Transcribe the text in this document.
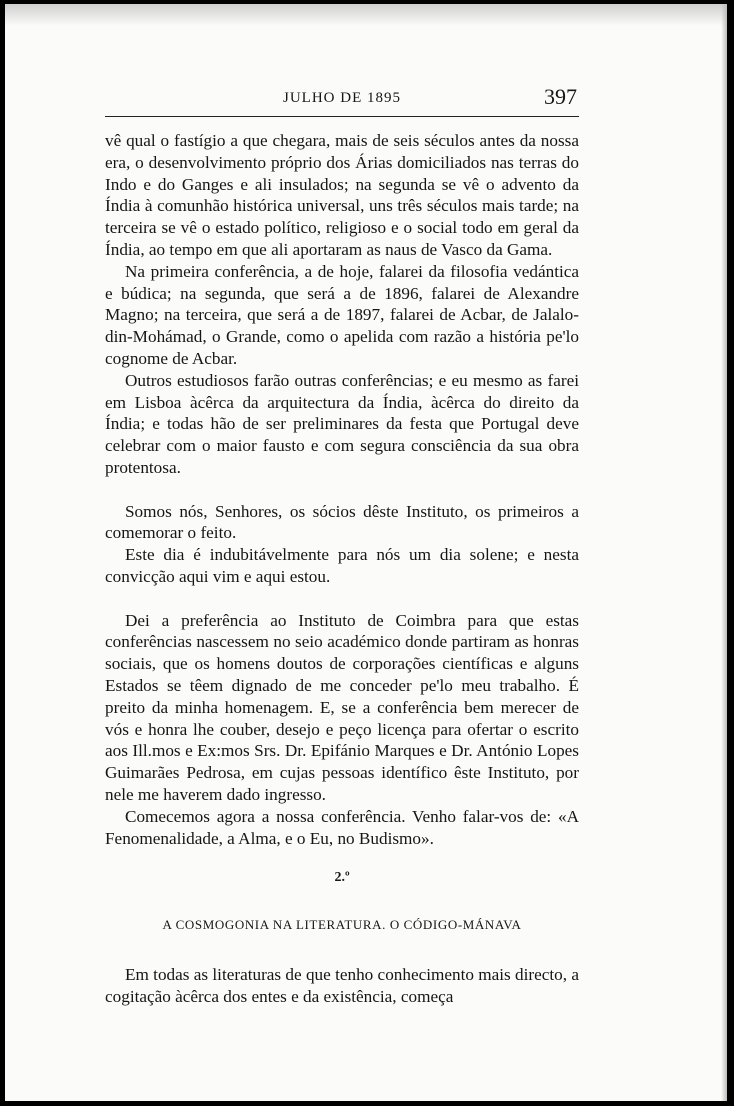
JULHO DE 1895	397

vê qual o fastígio a que chegara, mais de seis séculos antes da nossa era, o desenvolvimento próprio dos Árias domiciliados nas terras do Indo e do Ganges e ali insulados; na segunda se vê o advento da Índia à comunhão histórica universal, uns três séculos mais tarde; na terceira se vê o estado político, religioso e o social todo em geral da Índia, ao tempo em que ali aportaram as naus de Vasco da Gama.

Na primeira conferência, a de hoje, falarei da filosofia vedántica e búdica; na segunda, que será a de 1896, falarei de Alexandre Magno; na terceira, que será a de 1897, falarei de Acbar, de Jalalo-din-Mohámad, o Grande, como o apelida com razão a história pe'lo cognome de Acbar.

Outros estudiosos farão outras conferências; e eu mesmo as farei em Lisboa àcêrca da arquitectura da Índia, àcêrca do direito da Índia; e todas hão de ser preliminares da festa que Portugal deve celebrar com o maior fausto e com segura consciência da sua obra protentosa.

Somos nós, Senhores, os sócios dêste Instituto, os primeiros a comemorar o feito.

Este dia é indubitávelmente para nós um dia solene; e nesta convicção aqui vim e aqui estou.

Dei a preferência ao Instituto de Coimbra para que estas conferências nascessem no seio académico donde partiram as honras sociais, que os homens doutos de corporações científicas e alguns Estados se têem dignado de me conceder pe'lo meu trabalho. É preito da minha homenagem. E, se a conferência bem merecer de vós e honra lhe couber, desejo e peço licença para ofertar o escrito aos Ill.mos e Ex:mos Srs. Dr. Epifánio Marques e Dr. António Lopes Guimarães Pedrosa, em cujas pessoas identífico êste Instituto, por nele me haverem dado ingresso.

Comecemos agora a nossa conferência. Venho falar-vos de: «A Fenomenalidade, a Alma, e o Eu, no Budismo».

2.º

A COSMOGONIA NA LITERATURA. O CÓDIGO-MÁNAVA

Em todas as literaturas de que tenho conhecimento mais directo, a cogitação àcêrca dos entes e da existência, começa
